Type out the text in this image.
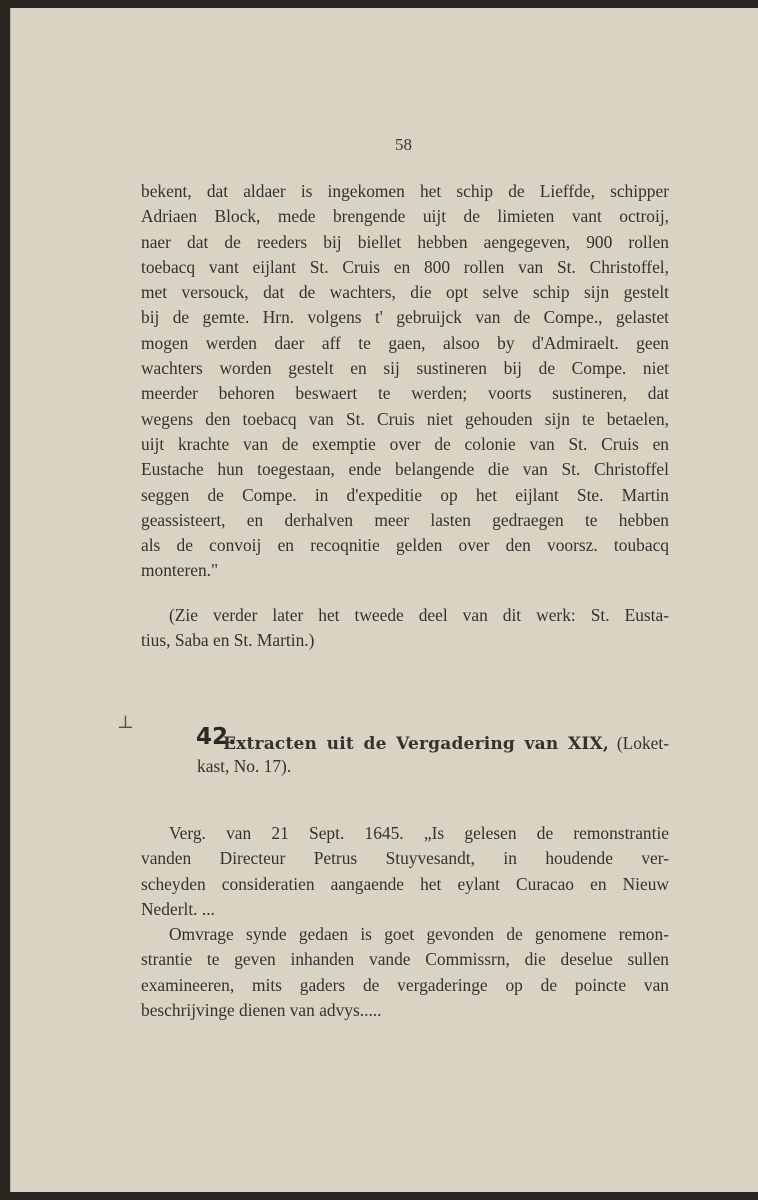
58
bekent, dat aldaer is ingekomen het schip de Lieffde, schipper
Adriaen Block, mede brengende uijt de limieten vant octroij,
naer dat de reeders bij biellet hebben aengegeven, 900 rollen
toebacq vant eijlant St. Cruis en 800 rollen van St. Christoffel,
met versouck, dat de wachters, die opt selve schip sijn gestelt
bij de gemte. Hrn. volgens t' gebruijck van de Compe., gelastet
mogen werden daer aff te gaen, alsoo by d'Admiraelt. geen
wachters worden gestelt en sij sustineren bij de Compe. niet
meerder behoren beswaert te werden; voorts sustineren, dat
wegens den toebacq van St. Cruis niet gehouden sijn te betaelen,
uijt krachte van de exemptie over de colonie van St. Cruis en
Eustache hun toegestaan, ende belangende die van St. Christoffel
seggen de Compe. in d'expeditie op het eijlant Ste. Martin
geassisteert, en derhalven meer lasten gedraegen te hebben
als de convoij en recoqnitie gelden over den voorsz. toubacq
monteren."
(Zie verder later het tweede deel van dit werk: St. Eusta-
tius, Saba en St. Martin.)
⊥
42.
Extracten uit de Vergadering van XIX, (Loket-
kast, No. 17).
Verg. van 21 Sept. 1645. „Is gelesen de remonstrantie
vanden Directeur Petrus Stuyvesandt, in houdende ver-
scheyden consideratien aangaende het eylant Curacao en Nieuw
Nederlt. ...
Omvrage synde gedaen is goet gevonden de genomene remon-
strantie te geven inhanden vande Commissrn, die deselue sullen
examineeren, mits gaders de vergaderinge op de poincte van
beschrijvinge dienen van advys.....
